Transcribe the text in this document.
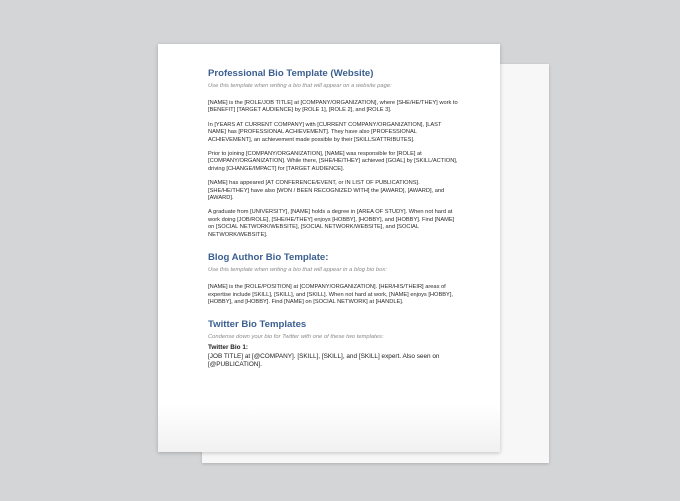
Professional Bio Template (Website)

Use this template when writing a bio that will appear on a website page:

[NAME] is the [ROLE/JOB TITLE] at [COMPANY/ORGANIZATION], where [SHE/HE/THEY] work to [BENEFIT] [TARGET AUDIENCE] by [ROLE 1], [ROLE 2], and [ROLE 3].

In [YEARS AT CURRENT COMPANY] with [CURRENT COMPANY/ORGANIZATION], [LAST NAME] has [PROFESSIONAL ACHIEVEMENT]. They have also [PROFESSIONAL ACHIEVEMENT], an achievement made possible by their [SKILLS/ATTRIBUTES].

Prior to joining [COMPANY/ORGANIZATION], [NAME] was responsible for [ROLE] at [COMPANY/ORGANIZATION]. While there, [SHE/HE/THEY] achieved [GOAL] by [SKILL/ACTION], driving [CHANGE/IMPACT] for [TARGET AUDIENCE].

[NAME] has appeared [AT CONFERENCE/EVENT, or IN LIST OF PUBLICATIONS]. [SHE/HE/THEY] have also [WON / BEEN RECOGNIZED WITH] the [AWARD], [AWARD], and [AWARD].

A graduate from [UNIVERSITY], [NAME] holds a degree in [AREA OF STUDY]. When not hard at work doing [JOB/ROLE], [SHE/HE/THEY] enjoys [HOBBY], [HOBBY], and [HOBBY]. Find [NAME] on [SOCIAL NETWORK/WEBSITE], [SOCIAL NETWORK/WEBSITE], and [SOCIAL NETWORK/WEBSITE].

Blog Author Bio Template:

Use this template when writing a bio that will appear in a blog bio box:

[NAME] is the [ROLE/POSITION] at [COMPANY/ORGANIZATION]. [HER/HIS/THEIR] areas of expertise include [SKILL], [SKILL], and [SKILL]. When not hard at work, [NAME] enjoys [HOBBY], [HOBBY], and [HOBBY]. Find [NAME] on [SOCIAL NETWORK] at [HANDLE].

Twitter Bio Templates

Condense down your bio for Twitter with one of these two templates:

Twitter Bio 1:

[JOB TITLE] at [@COMPANY]. [SKILL], [SKILL], and [SKILL] expert. Also seen on [@PUBLICATION].
